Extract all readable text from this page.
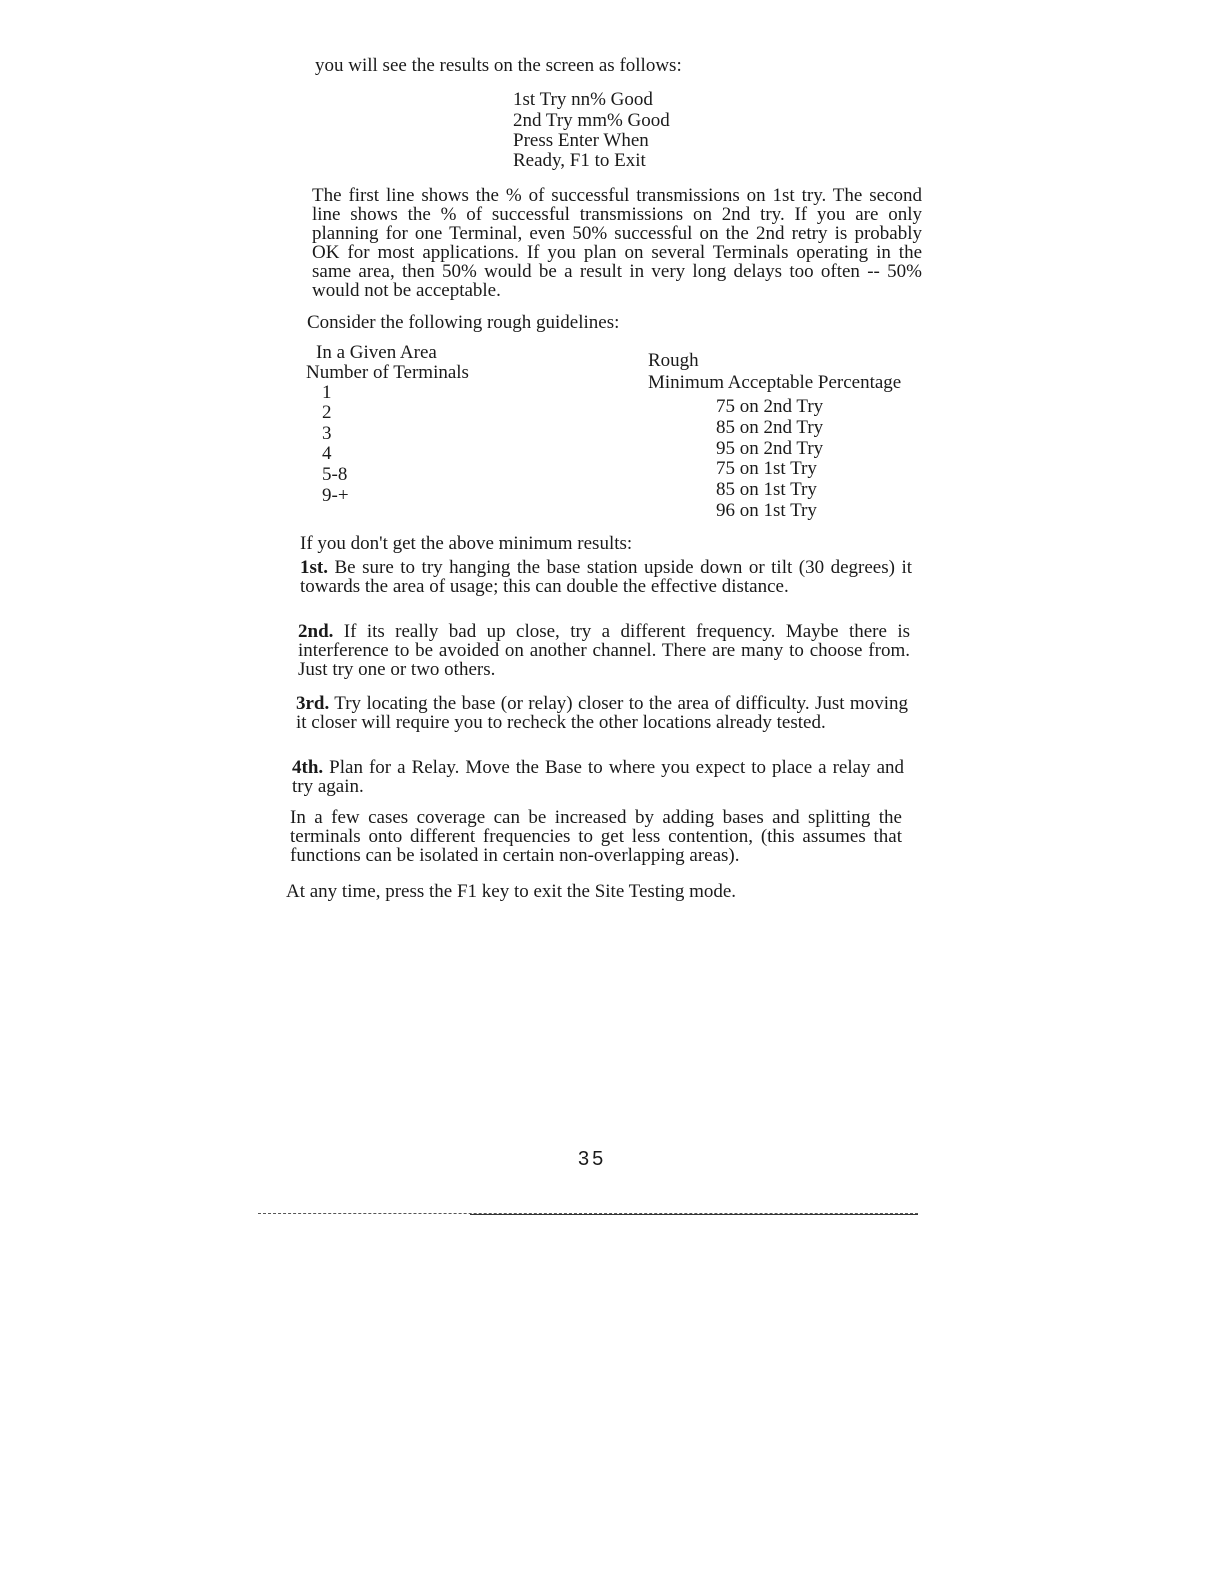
you will see the results on the screen as follows:
1st Try nn% Good
2nd Try mm% Good
Press Enter When
Ready, F1 to Exit
The first line shows the % of successful transmissions on 1st try. The second line shows the % of successful transmissions on 2nd try. If you are only planning for one Terminal, even 50% successful on the 2nd retry is probably OK for most applications. If you plan on several Terminals operating in the same area, then 50% would be a result in very long delays too often -- 50% would not be acceptable.
Consider the following rough guidelines:
In a Given Area
Number of Terminals
Rough
Minimum Acceptable Percentage
1
2
3
4
5-8
9-+
75 on 2nd Try
85 on 2nd Try
95 on 2nd Try
75 on 1st Try
85 on 1st Try
96 on 1st Try
If you don't get the above minimum results:
1st. Be sure to try hanging the base station upside down or tilt (30 degrees) it towards the area of usage; this can double the effective distance.
2nd. If its really bad up close, try a different frequency. Maybe there is interference to be avoided on another channel. There are many to choose from. Just try one or two others.
3rd. Try locating the base (or relay) closer to the area of difficulty. Just moving it closer will require you to recheck the other locations already tested.
4th. Plan for a Relay. Move the Base to where you expect to place a relay and try again.
In a few cases coverage can be increased by adding bases and splitting the terminals onto different frequencies to get less contention, (this assumes that functions can be isolated in certain non-overlapping areas).
At any time, press the F1 key to exit the Site Testing mode.
35
